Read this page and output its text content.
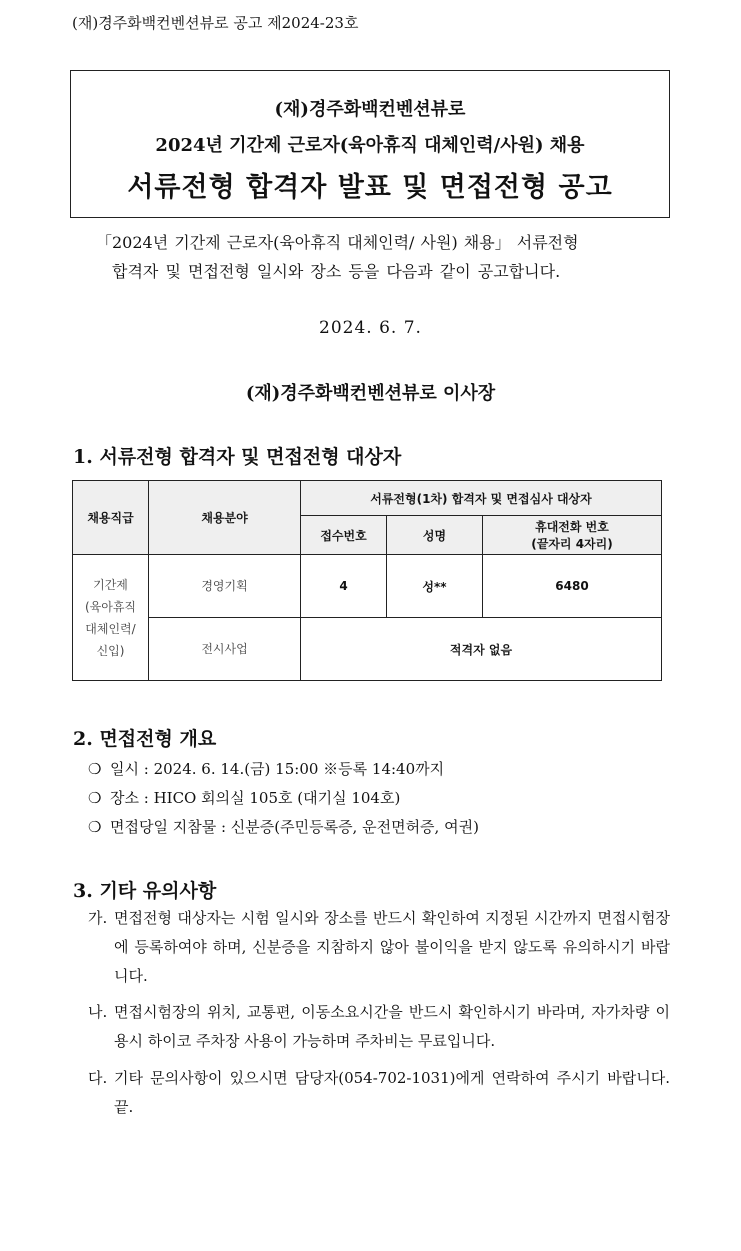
(재)경주화백컨벤션뷰로 공고 제2024-23호
(재)경주화백컨벤션뷰로
2024년 기간제 근로자(육아휴직 대체인력/사원) 채용
서류전형 합격자 발표 및 면접전형 공고
「2024년 기간제 근로자(육아휴직 대체인력/ 사원) 채용」 서류전형
합격자 및 면접전형 일시와 장소 등을 다음과 같이 공고합니다.
2024. 6. 7.
(재)경주화백컨벤션뷰로 이사장
1. 서류전형 합격자 및 면접전형 대상자
채용직급	채용분야	서류전형(1차) 합격자 및 면접심사 대상자		
		접수번호	성명	휴대전화 번호
(끝자리 4자리)

기간제
(육아휴직
대체인력/
신입)	경영기획	4	성**	6480
	전시사업	적격자 없음		
2. 면접전형 개요
❍ 일시 : 2024. 6. 14.(금) 15:00 ※등록 14:40까지
❍ 장소 : HICO 회의실 105호 (대기실 104호)
❍ 면접당일 지참물 : 신분증(주민등록증, 운전면허증, 여권)
3. 기타 유의사항
가. 면접전형 대상자는 시험 일시와 장소를 반드시 확인하여 지정된 시간까지 면접시험장에 등록하여야 하며, 신분증을 지참하지 않아 불이익을 받지 않도록 유의하시기 바랍니다.
나. 면접시험장의 위치, 교통편, 이동소요시간을 반드시 확인하시기 바라며, 자가차량 이용시 하이코 주차장 사용이 가능하며 주차비는 무료입니다.
다. 기타 문의사항이 있으시면 담당자(054-702-1031)에게 연락하여 주시기 바랍니다. 끝.
